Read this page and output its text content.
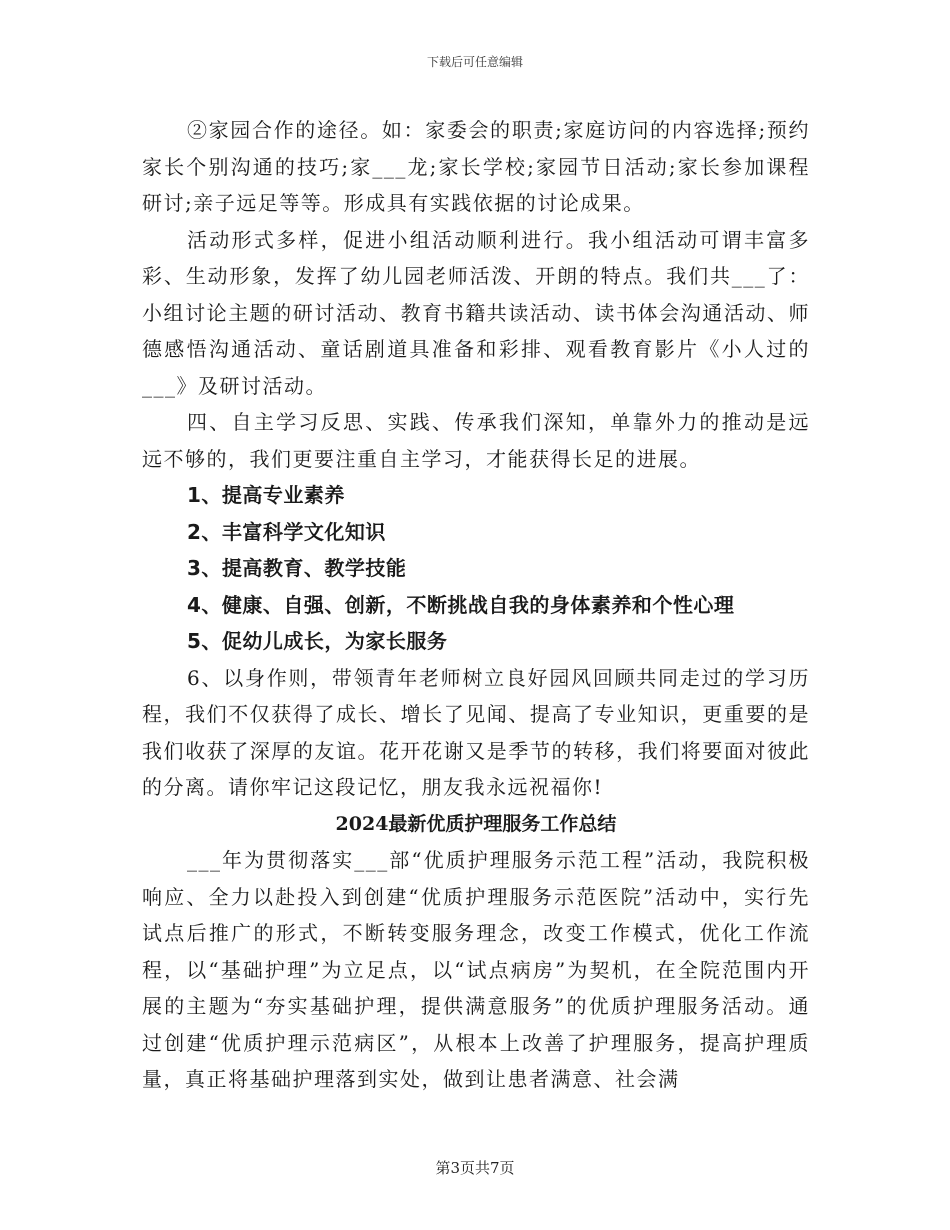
下载后可任意编辑

②家园合作的途径。如：家委会的职责;家庭访问的内容选择;预约家长个别沟通的技巧;家___龙;家长学校;家园节日活动;家长参加课程研讨;亲子远足等等。形成具有实践依据的讨论成果。

活动形式多样，促进小组活动顺利进行。我小组活动可谓丰富多彩、生动形象，发挥了幼儿园老师活泼、开朗的特点。我们共___了：小组讨论主题的研讨活动、教育书籍共读活动、读书体会沟通活动、师德感悟沟通活动、童话剧道具准备和彩排、观看教育影片《小人过的___》及研讨活动。

四、自主学习反思、实践、传承我们深知，单靠外力的推动是远远不够的，我们更要注重自主学习，才能获得长足的进展。

1、提高专业素养

2、丰富科学文化知识

3、提高教育、教学技能

4、健康、自强、创新，不断挑战自我的身体素养和个性心理

5、促幼儿成长，为家长服务

6、以身作则，带领青年老师树立良好园风回顾共同走过的学习历程，我们不仅获得了成长、增长了见闻、提高了专业知识，更重要的是我们收获了深厚的友谊。花开花谢又是季节的转移，我们将要面对彼此的分离。请你牢记这段记忆，朋友我永远祝福你!

2024最新优质护理服务工作总结

___年为贯彻落实___部“优质护理服务示范工程”活动，我院积极响应、全力以赴投入到创建“优质护理服务示范医院”活动中，实行先试点后推广的形式，不断转变服务理念，改变工作模式，优化工作流程，以“基础护理”为立足点，以“试点病房”为契机，在全院范围内开展的主题为“夯实基础护理，提供满意服务”的优质护理服务活动。通过创建“优质护理示范病区”，从根本上改善了护理服务，提高护理质量，真正将基础护理落到实处，做到让患者满意、社会满

第3页共7页
